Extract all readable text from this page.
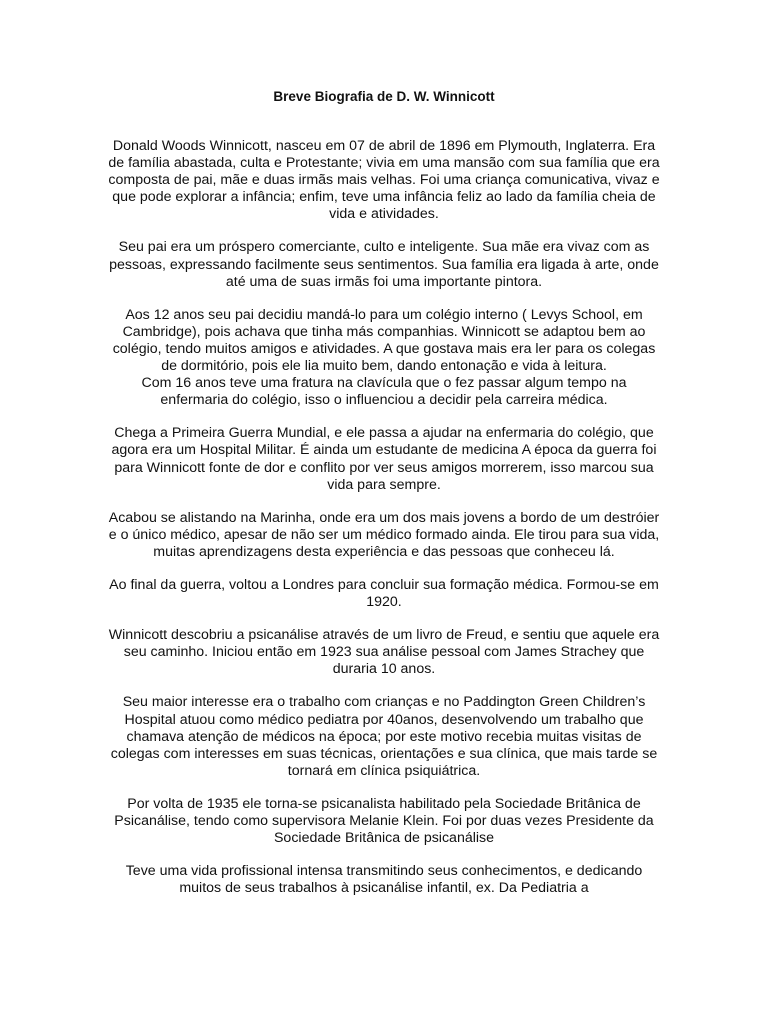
Breve Biografia de D. W. Winnicott

Donald Woods Winnicott, nasceu em 07 de abril de 1896 em Plymouth, Inglaterra. Era de família abastada, culta e Protestante; vivia em uma mansão com sua família que era composta de pai, mãe e duas irmãs mais velhas. Foi uma criança comunicativa, vivaz e que pode explorar a infância; enfim, teve uma infância feliz ao lado da família cheia de vida e atividades.

Seu pai era um próspero comerciante, culto e inteligente. Sua mãe era vivaz com as pessoas, expressando facilmente seus sentimentos. Sua família era ligada à arte, onde até uma de suas irmãs foi uma importante pintora.

Aos 12 anos seu pai decidiu mandá-lo para um colégio interno ( Levys School, em Cambridge), pois achava que tinha más companhias. Winnicott se adaptou bem ao colégio, tendo muitos amigos e atividades. A que gostava mais era ler para os colegas de dormitório, pois ele lia muito bem, dando entonação e vida à leitura.

Com 16 anos teve uma fratura na clavícula que o fez passar algum tempo na enfermaria do colégio, isso o influenciou a decidir pela carreira médica.

Chega a Primeira Guerra Mundial, e ele passa a ajudar na enfermaria do colégio, que agora era um Hospital Militar. É ainda um estudante de medicina A época da guerra foi para Winnicott fonte de dor e conflito por ver seus amigos morrerem, isso marcou sua vida para sempre.

Acabou se alistando na Marinha, onde era um dos mais jovens a bordo de um destróier e o único médico, apesar de não ser um médico formado ainda. Ele tirou para sua vida, muitas aprendizagens desta experiência e das pessoas que conheceu lá.

Ao final da guerra, voltou a Londres para concluir sua formação médica. Formou-se em 1920.

Winnicott descobriu a psicanálise através de um livro de Freud, e sentiu que aquele era seu caminho. Iniciou então em 1923 sua análise pessoal com James Strachey que duraria 10 anos.

Seu maior interesse era o trabalho com crianças e no Paddington Green Children’s Hospital atuou como médico pediatra por 40anos, desenvolvendo um trabalho que chamava atenção de médicos na época; por este motivo recebia muitas visitas de colegas com interesses em suas técnicas, orientações e sua clínica, que mais tarde se tornará em clínica psiquiátrica.

Por volta de 1935 ele torna-se psicanalista habilitado pela Sociedade Britânica de Psicanálise, tendo como supervisora Melanie Klein. Foi por duas vezes Presidente da Sociedade Britânica de psicanálise

Teve uma vida profissional intensa transmitindo seus conhecimentos, e dedicando muitos de seus trabalhos à psicanálise infantil, ex. Da Pediatria a
